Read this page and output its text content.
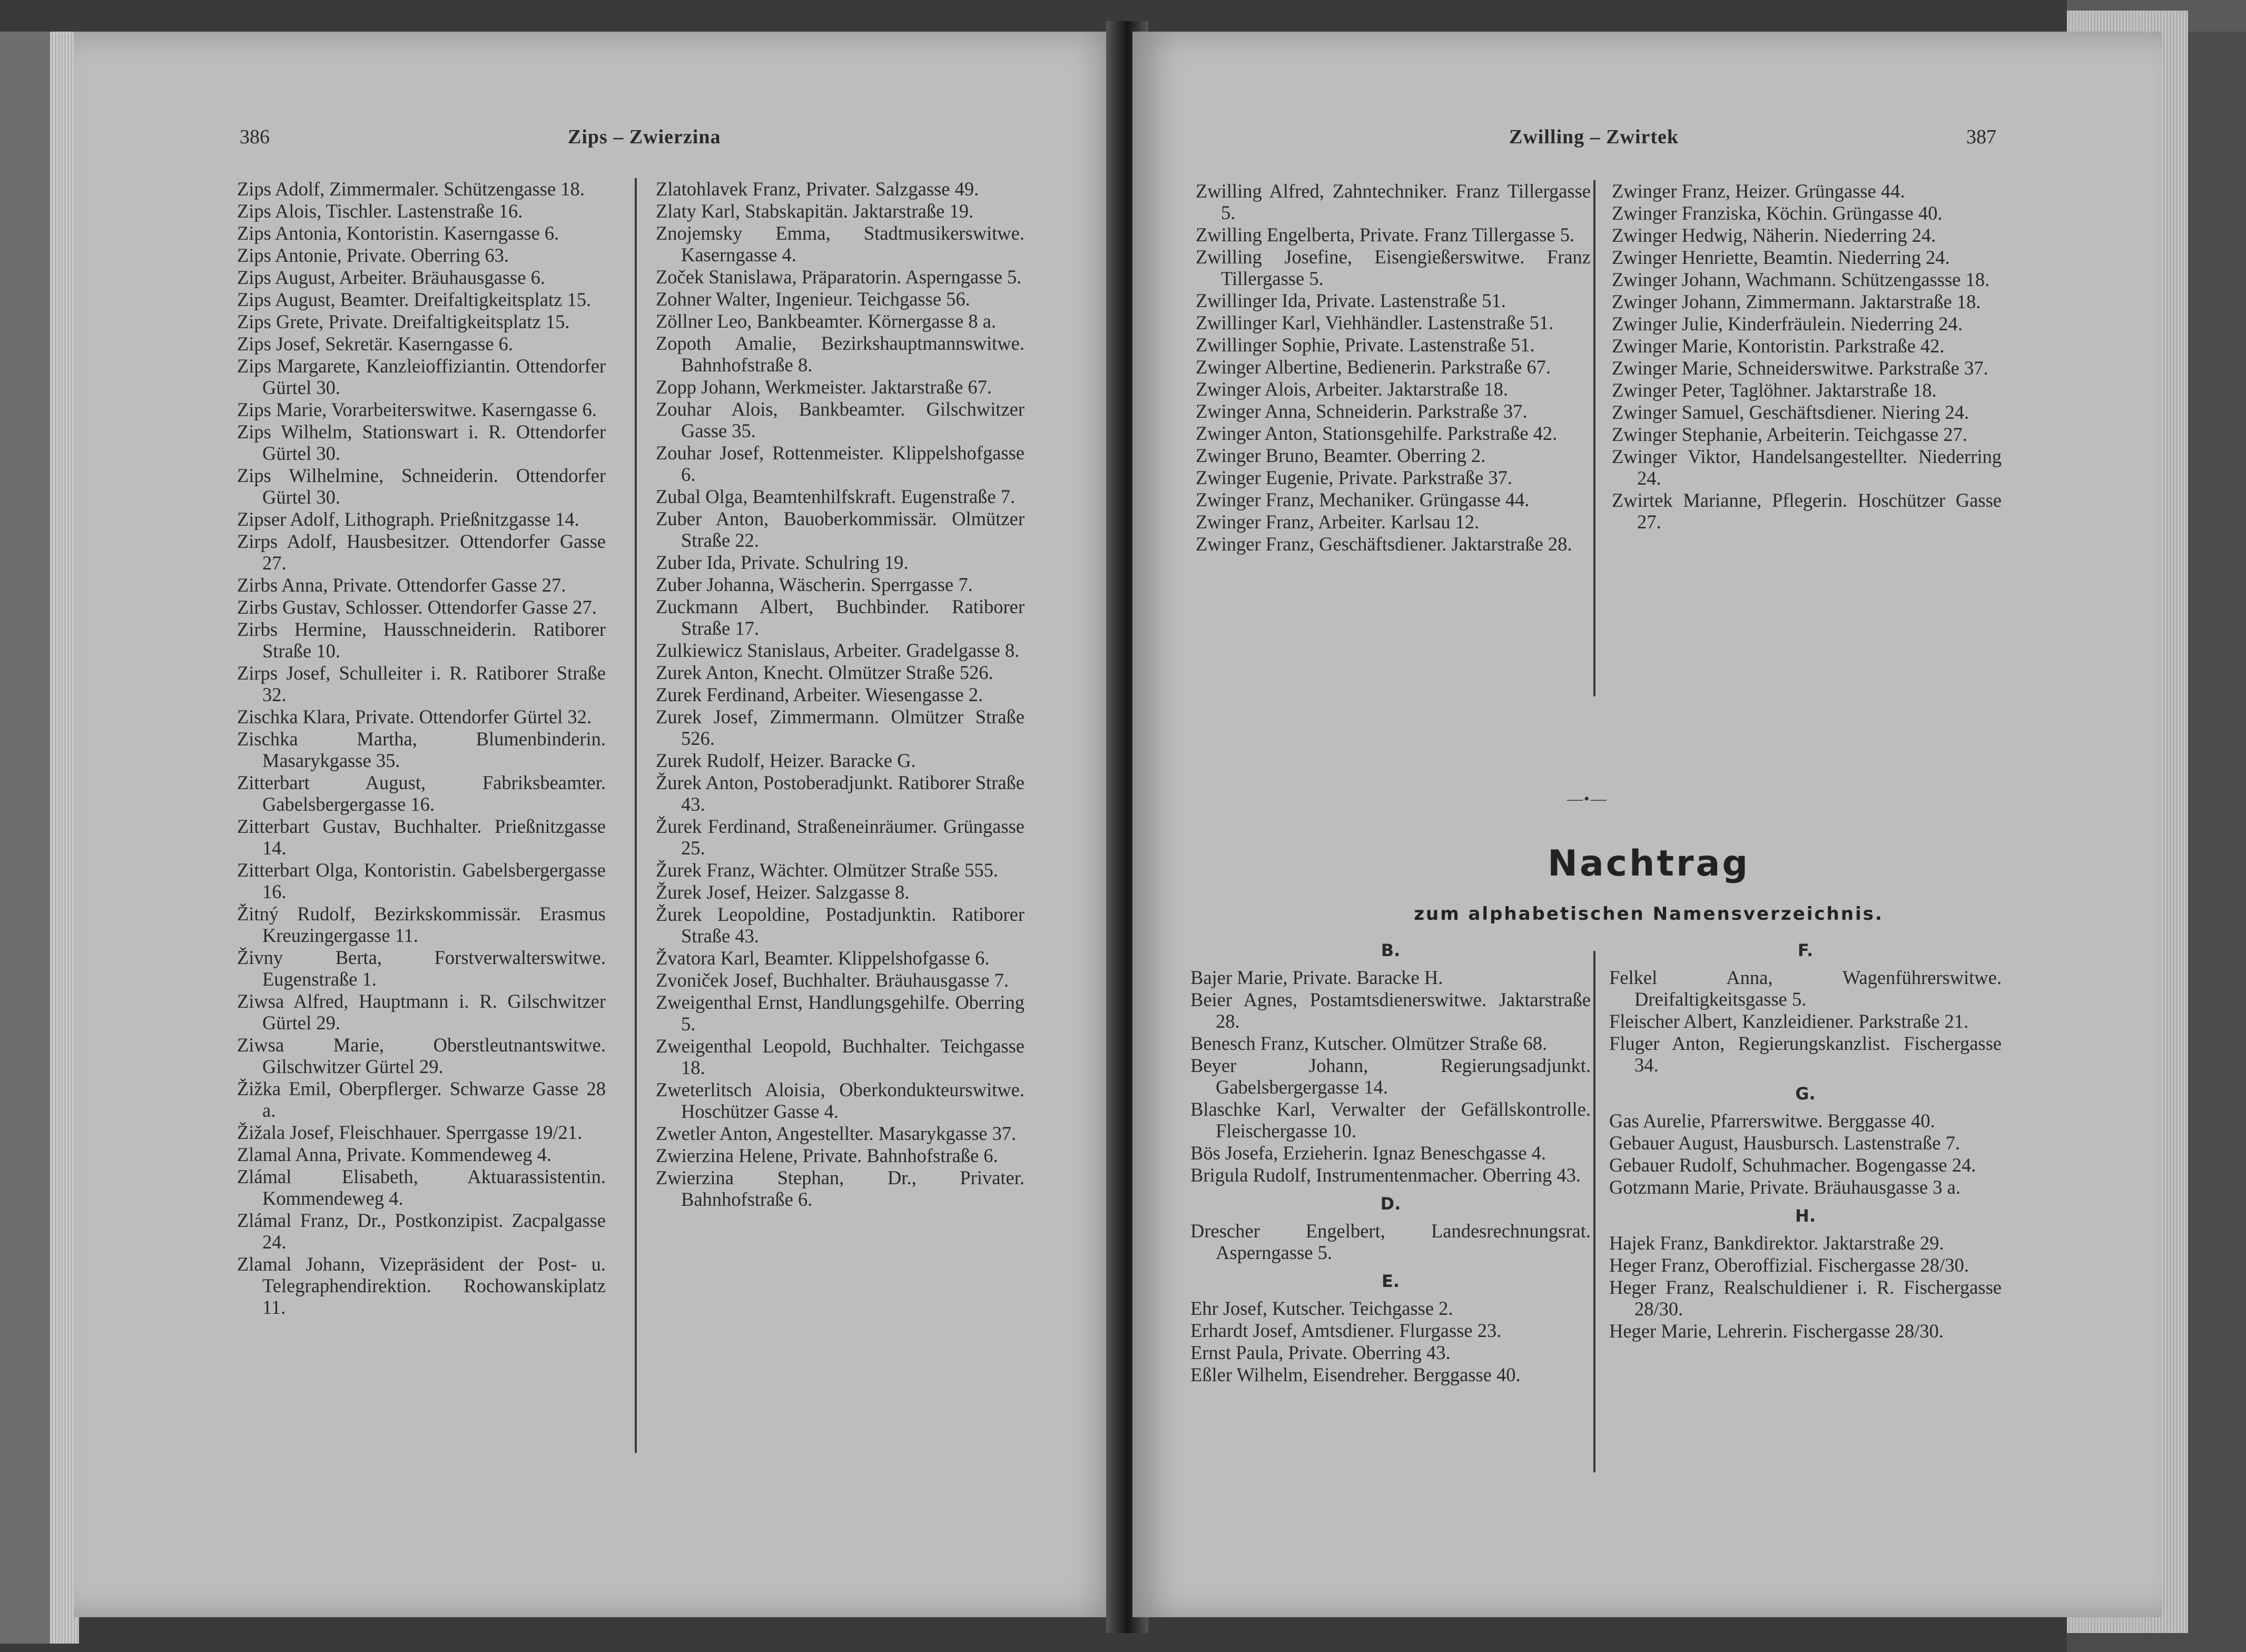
386	Zips – Zwierzina

Zips Adolf, Zimmermaler. Schützengasse 18.

Zips Alois, Tischler. Lastenstraße 16.

Zips Antonia, Kontoristin. Kaserngasse 6.

Zips Antonie, Private. Oberring 63.

Zips August, Arbeiter. Bräuhausgasse 6.

Zips August, Beamter. Dreifaltigkeitsplatz 15.

Zips Grete, Private. Dreifaltigkeitsplatz 15.

Zips Josef, Sekretär. Kaserngasse 6.

Zips Margarete, Kanzleioffiziantin. Ottendorfer Gürtel 30.

Zips Marie, Vorarbeiterswitwe. Kaserngasse 6.

Zips Wilhelm, Stationswart i. R. Ottendorfer Gürtel 30.

Zips Wilhelmine, Schneiderin. Ottendorfer Gürtel 30.

Zipser Adolf, Lithograph. Prießnitzgasse 14.

Zirps Adolf, Hausbesitzer. Ottendorfer Gasse 27.

Zirbs Anna, Private. Ottendorfer Gasse 27.

Zirbs Gustav, Schlosser. Ottendorfer Gasse 27.

Zirbs Hermine, Hausschneiderin. Ratiborer Straße 10.

Zirps Josef, Schulleiter i. R. Ratiborer Straße 32.

Zischka Klara, Private. Ottendorfer Gürtel 32.

Zischka Martha, Blumenbinderin. Masarykgasse 35.

Zitterbart August, Fabriksbeamter. Gabelsbergergasse 16.

Zitterbart Gustav, Buchhalter. Prießnitzgasse 14.

Zitterbart Olga, Kontoristin. Gabelsbergergasse 16.

Žitný Rudolf, Bezirkskommissär. Erasmus Kreuzingergasse 11.

Živny Berta, Forstverwalterswitwe. Eugenstraße 1.

Ziwsa Alfred, Hauptmann i. R. Gilschwitzer Gürtel 29.

Ziwsa Marie, Oberstleutnantswitwe. Gilschwitzer Gürtel 29.

Žižka Emil, Oberpflerger. Schwarze Gasse 28 a.

Žižala Josef, Fleischhauer. Sperrgasse 19/21.

Zlamal Anna, Private. Kommendeweg 4.

Zlámal Elisabeth, Aktuarassistentin. Kommendeweg 4.

Zlámal Franz, Dr., Postkonzipist. Zacpalgasse 24.

Zlamal Johann, Vizepräsident der Post- u. Telegraphendirektion. Rochowanskiplatz 11.

Zlatohlavek Franz, Privater. Salzgasse 49.

Zlaty Karl, Stabskapitän. Jaktarstraße 19.

Znojemsky Emma, Stadtmusikerswitwe. Kaserngasse 4.

Zoček Stanislawa, Präparatorin. Asperngasse 5.

Zohner Walter, Ingenieur. Teichgasse 56.

Zöllner Leo, Bankbeamter. Körnergasse 8 a.

Zopoth Amalie, Bezirkshauptmannswitwe. Bahnhofstraße 8.

Zopp Johann, Werkmeister. Jaktarstraße 67.

Zouhar Alois, Bankbeamter. Gilschwitzer Gasse 35.

Zouhar Josef, Rottenmeister. Klippelshofgasse 6.

Zubal Olga, Beamtenhilfskraft. Eugenstraße 7.

Zuber Anton, Bauoberkommissär. Olmützer Straße 22.

Zuber Ida, Private. Schulring 19.

Zuber Johanna, Wäscherin. Sperrgasse 7.

Zuckmann Albert, Buchbinder. Ratiborer Straße 17.

Zulkiewicz Stanislaus, Arbeiter. Gradelgasse 8.

Zurek Anton, Knecht. Olmützer Straße 526.

Zurek Ferdinand, Arbeiter. Wiesengasse 2.

Zurek Josef, Zimmermann. Olmützer Straße 526.

Zurek Rudolf, Heizer. Baracke G.

Žurek Anton, Postoberadjunkt. Ratiborer Straße 43.

Žurek Ferdinand, Straßeneinräumer. Grüngasse 25.

Žurek Franz, Wächter. Olmützer Straße 555.

Žurek Josef, Heizer. Salzgasse 8.

Žurek Leopoldine, Postadjunktin. Ratiborer Straße 43.

Žvatora Karl, Beamter. Klippelshofgasse 6.

Zvoniček Josef, Buchhalter. Bräuhausgasse 7.

Zweigenthal Ernst, Handlungsgehilfe. Oberring 5.

Zweigenthal Leopold, Buchhalter. Teichgasse 18.

Zweterlitsch Aloisia, Oberkondukteurswitwe. Hoschützer Gasse 4.

Zwetler Anton, Angestellter. Masarykgasse 37.

Zwierzina Helene, Private. Bahnhofstraße 6.

Zwierzina Stephan, Dr., Privater. Bahnhofstraße 6.

Zwilling – Zwirtek	387

Zwilling Alfred, Zahntechniker. Franz Tillergasse 5.

Zwilling Engelberta, Private. Franz Tillergasse 5.

Zwilling Josefine, Eisengießerswitwe. Franz Tillergasse 5.

Zwillinger Ida, Private. Lastenstraße 51.

Zwillinger Karl, Viehhändler. Lastenstraße 51.

Zwillinger Sophie, Private. Lastenstraße 51.

Zwinger Albertine, Bedienerin. Parkstraße 67.

Zwinger Alois, Arbeiter. Jaktarstraße 18.

Zwinger Anna, Schneiderin. Parkstraße 37.

Zwinger Anton, Stationsgehilfe. Parkstraße 42.

Zwinger Bruno, Beamter. Oberring 2.

Zwinger Eugenie, Private. Parkstraße 37.

Zwinger Franz, Mechaniker. Grüngasse 44.

Zwinger Franz, Arbeiter. Karlsau 12.

Zwinger Franz, Geschäftsdiener. Jaktarstraße 28.

Zwinger Franz, Heizer. Grüngasse 44.

Zwinger Franziska, Köchin. Grüngasse 40.

Zwinger Hedwig, Näherin. Niederring 24.

Zwinger Henriette, Beamtin. Niederring 24.

Zwinger Johann, Wachmann. Schützengassse 18.

Zwinger Johann, Zimmermann. Jaktarstraße 18.

Zwinger Julie, Kinderfräulein. Niederring 24.

Zwinger Marie, Kontoristin. Parkstraße 42.

Zwinger Marie, Schneiderswitwe. Parkstraße 37.

Zwinger Peter, Taglöhner. Jaktarstraße 18.

Zwinger Samuel, Geschäftsdiener. Niering 24.

Zwinger Stephanie, Arbeiterin. Teichgasse 27.

Zwinger Viktor, Handelsangestellter. Niederring 24.

Zwirtek Marianne, Pflegerin. Hoschützer Gasse 27.

—•—
Nachtrag
zum alphabetischen Namensverzeichnis.
B.

Bajer Marie, Private. Baracke H.

Beier Agnes, Postamtsdienerswitwe. Jaktarstraße 28.

Benesch Franz, Kutscher. Olmützer Straße 68.

Beyer Johann, Regierungsadjunkt. Gabelsbergergasse 14.

Blaschke Karl, Verwalter der Gefällskontrolle. Fleischergasse 10.

Bös Josefa, Erzieherin. Ignaz Beneschgasse 4.

Brigula Rudolf, Instrumentenmacher. Oberring 43.

D.

Drescher Engelbert, Landesrechnungsrat. Asperngasse 5.

E.

Ehr Josef, Kutscher. Teichgasse 2.

Erhardt Josef, Amtsdiener. Flurgasse 23.

Ernst Paula, Private. Oberring 43.

Eßler Wilhelm, Eisendreher. Berggasse 40.

F.

Felkel Anna, Wagenführerswitwe. Dreifaltigkeitsgasse 5.

Fleischer Albert, Kanzleidiener. Parkstraße 21.

Fluger Anton, Regierungskanzlist. Fischergasse 34.

G.

Gas Aurelie, Pfarrerswitwe. Berggasse 40.

Gebauer August, Hausbursch. Lastenstraße 7.

Gebauer Rudolf, Schuhmacher. Bogengasse 24.

Gotzmann Marie, Private. Bräuhausgasse 3 a.

H.

Hajek Franz, Bankdirektor. Jaktarstraße 29.

Heger Franz, Oberoffizial. Fischergasse 28/30.

Heger Franz, Realschuldiener i. R. Fischergasse 28/30.

Heger Marie, Lehrerin. Fischergasse 28/30.
